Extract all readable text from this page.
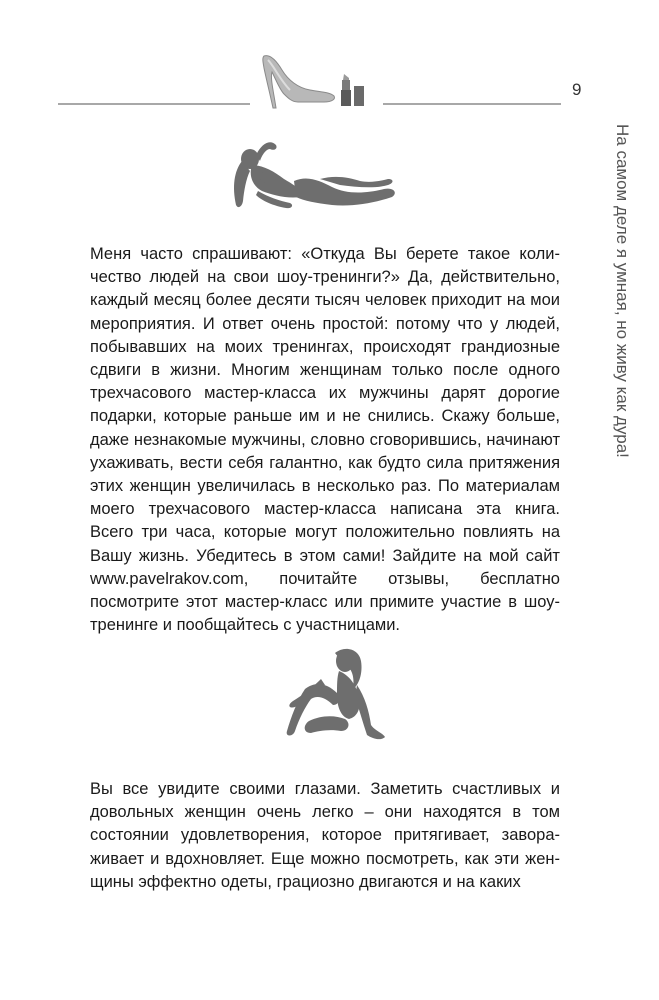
9
На самом деле я умная, но живу как дура!

Меня часто спрашивают: «Откуда Вы берете такое количество людей на свои шоу-тренинги?» Да, действительно, каждый месяц более десяти тысяч человек приходит на мои мероприятия. И ответ очень простой: потому что у людей, побывавших на моих тренингах, происходят грандиозные сдвиги в жизни. Многим женщинам только после одного трехчасового мастер-класса их мужчины дарят дорогие подарки, которые раньше им и не снились. Скажу больше, даже незнакомые мужчины, словно сговорившись, начинают ухаживать, вести себя галантно, как будто сила притяжения этих женщин увеличилась в несколько раз. По материалам моего трехчасового мастер-класса написана эта книга. Всего три часа, которые могут положительно повлиять на Вашу жизнь. Убедитесь в этом сами! Зайдите на мой сайт www.pavelrakov.com, почитайте отзывы, бесплатно посмотрите этот мастер-класс или примите участие в шоу-тренинге и пообщайтесь с участницами.

Вы все увидите своими глазами. Заметить счастливых и довольных женщин очень легко – они находятся в том состоянии удовлетворения, которое притягивает, завораживает и вдохновляет. Еще можно посмотреть, как эти женщины эффектно одеты, грациозно двигаются и на каких
